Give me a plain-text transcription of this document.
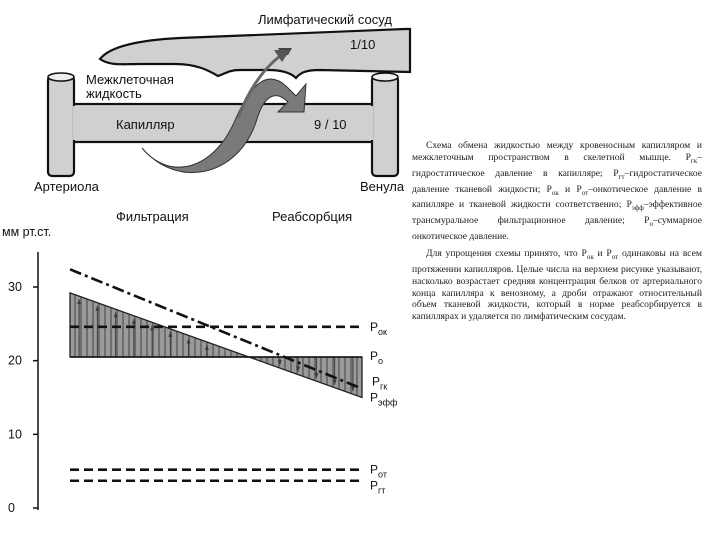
Лимфатический сосуд
1/10
Межклеточная жидкость
Капилляр	9 / 10
Артериола	Венула
Фильтрация	Реабсорбция
мм рт.ст.
0
10
20
30
$P_{ок}$
$P_о$
$P_{гк}$
$P_{эфф}$
$P_{от}$
$P_{гт}$

Схема обмена жидкостью между кровеносным капилляром и межклеточным пространством в скелетной мышце. $P_{гк}$–гидростатическое давление в капилляре; $P_{гт}$–гидростатическое давление тканевой жидкости; $P_{ок}$ и $P_{от}$–онкотическое давление в капилляре и тканевой жидкости соответственно; $P_{эфф}$–эффективное трансмуральное фильтрационное давление; $P_о$–суммарное онкотическое давление.

Для упрощения схемы принято, что $P_{ок}$ и $P_{от}$ одинаковы на всем протяжении капилляров. Целые числа на верхнем рисунке указывают, насколько возрастает средняя концентрация белков от артериального конца капилляра к венозному, а дроби отражают относительный объем тканевой жидкости, который в норме реабсорбируется в капиллярах и удаляется по лимфатическим сосудам.
